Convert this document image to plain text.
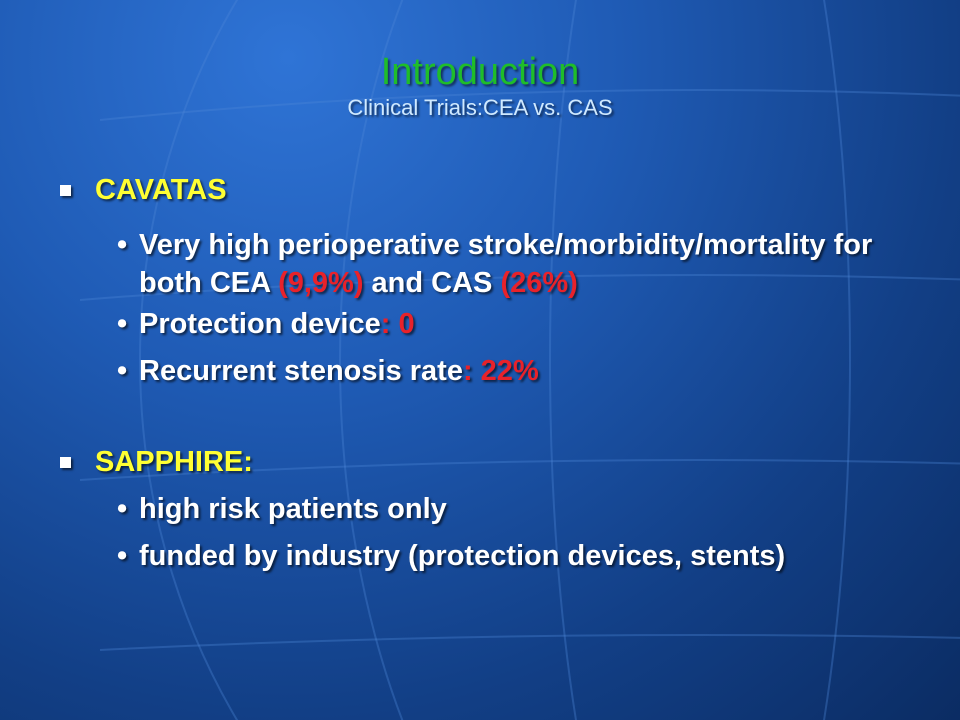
Introduction
Clinical Trials:CEA vs. CAS
CAVATAS
• Very high perioperative stroke/morbidity/mortality for both CEA (9,9%) and CAS (26%)
• Protection device: 0
• Recurrent stenosis rate: 22%
SAPPHIRE:
• high risk patients only
• funded by industry (protection devices, stents)
